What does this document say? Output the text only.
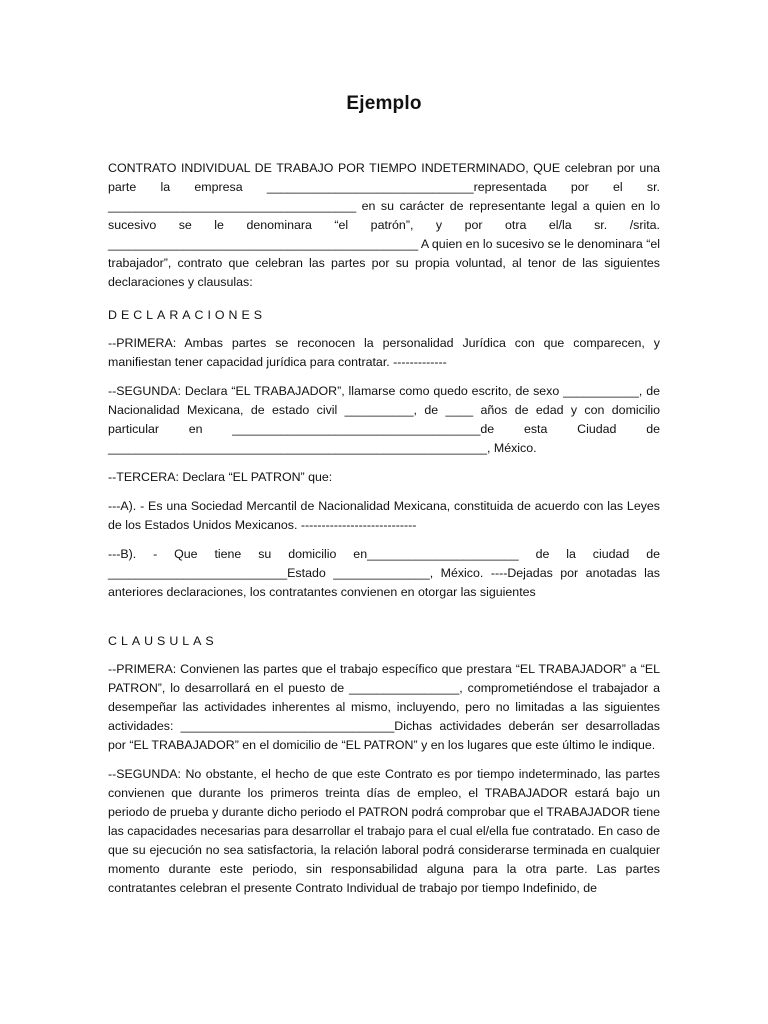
Ejemplo

CONTRATO INDIVIDUAL DE TRABAJO POR TIEMPO INDETERMINADO, QUE celebran por una parte la empresa ______________________________representada por el sr. ____________________________________ en su carácter de representante legal a quien en lo sucesivo se le denominara “el patrón”, y por otra el/la sr. /srita. _____________________________________________ A quien en lo sucesivo se le denominara “el trabajador”, contrato que celebran las partes por su propia voluntad, al tenor de las siguientes declaraciones y clausulas:

DECLARACIONES

--PRIMERA: Ambas partes se reconocen la personalidad Jurídica con que comparecen, y manifiestan tener capacidad jurídica para contratar. -------------

--SEGUNDA: Declara “EL TRABAJADOR”, llamarse como quedo escrito, de sexo ___________, de Nacionalidad Mexicana, de estado civil __________, de ____ años de edad y con domicilio particular en ____________________________________de esta Ciudad de _______________________________________________________, México.

--TERCERA: Declara “EL PATRON” que:

---A). - Es una Sociedad Mercantil de Nacionalidad Mexicana, constituida de acuerdo con las Leyes de los Estados Unidos Mexicanos. ----------------------------

---B). - Que tiene su domicilio en______________________ de la ciudad de __________________________Estado ______________, México. ----Dejadas por anotadas las anteriores declaraciones, los contratantes convienen en otorgar las siguientes

CLAUSULAS

--PRIMERA: Convienen las partes que el trabajo específico que prestara “EL TRABAJADOR” a “EL PATRON”, lo desarrollará en el puesto de ________________, comprometiéndose el trabajador a desempeñar las actividades inherentes al mismo, incluyendo, pero no limitadas a las siguientes actividades: _______________________________Dichas actividades deberán ser desarrolladas por “EL TRABAJADOR” en el domicilio de “EL PATRON” y en los lugares que este último le indique.

--SEGUNDA: No obstante, el hecho de que este Contrato es por tiempo indeterminado, las partes convienen que durante los primeros treinta días de empleo, el TRABAJADOR estará bajo un periodo de prueba y durante dicho periodo el PATRON podrá comprobar que el TRABAJADOR tiene las capacidades necesarias para desarrollar el trabajo para el cual el/ella fue contratado. En caso de que su ejecución no sea satisfactoria, la relación laboral podrá considerarse terminada en cualquier momento durante este periodo, sin responsabilidad alguna para la otra parte. Las partes contratantes celebran el presente Contrato Individual de trabajo por tiempo Indefinido, de
